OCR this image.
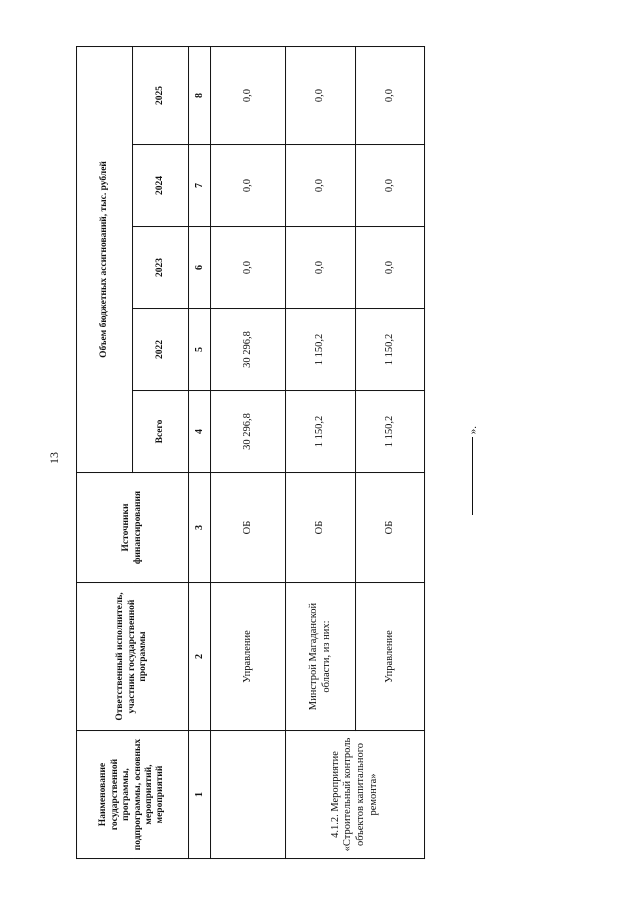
13
Наименование государственной программы, подпрограммы, основных мероприятий, мероприятий	Ответственный исполнитель, участник государственной программы	Источники финансирования	Объем бюджетных ассигнований, тыс. рублей				
			Всего	2022	2023	2024	2025
1	2	3	4	5	6	7	8
	Управление	ОБ	30 296,8	30 296,8	0,0	0,0	0,0
4.1.2. Мероприятие «Строительный контроль объектов капитального ремонта»	Минстрой Магаданской области, из них:	ОБ	1 150,2	1 150,2	0,0	0,0	0,0
	Управление	ОБ	1 150,2	1 150,2	0,0	0,0	0,0
».
